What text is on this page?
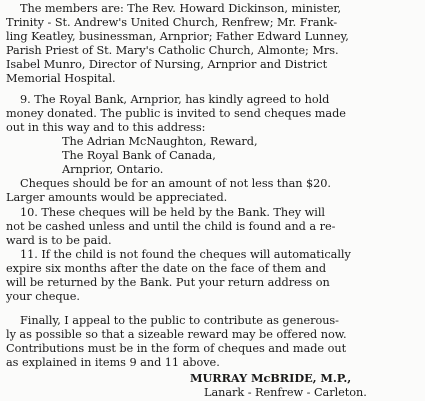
The members are: The Rev. Howard Dickinson, minister,
Trinity - St. Andrew's United Church, Renfrew; Mr. Frank-
ling Keatley, businessman, Arnprior; Father Edward Lunney,
Parish Priest of St. Mary's Catholic Church, Almonte; Mrs.
Isabel Munro, Director of Nursing, Arnprior and District
Memorial Hospital.
9. The Royal Bank, Arnprior, has kindly agreed to hold
money donated. The public is invited to send cheques made
out in this way and to this address:
The Adrian McNaughton, Reward,
The Royal Bank of Canada,
Arnprior, Ontario.
Cheques should be for an amount of not less than $20.
Larger amounts would be appreciated.
10. These cheques will be held by the Bank. They will
not be cashed unless and until the child is found and a re-
ward is to be paid.
11. If the child is not found the cheques will automatically
expire six months after the date on the face of them and
will be returned by the Bank. Put your return address on
your cheque.
Finally, I appeal to the public to contribute as generous-
ly as possible so that a sizeable reward may be offered now.
Contributions must be in the form of cheques and made out
as explained in items 9 and 11 above.
MURRAY McBRIDE, M.P.,
Lanark - Renfrew - Carleton.
